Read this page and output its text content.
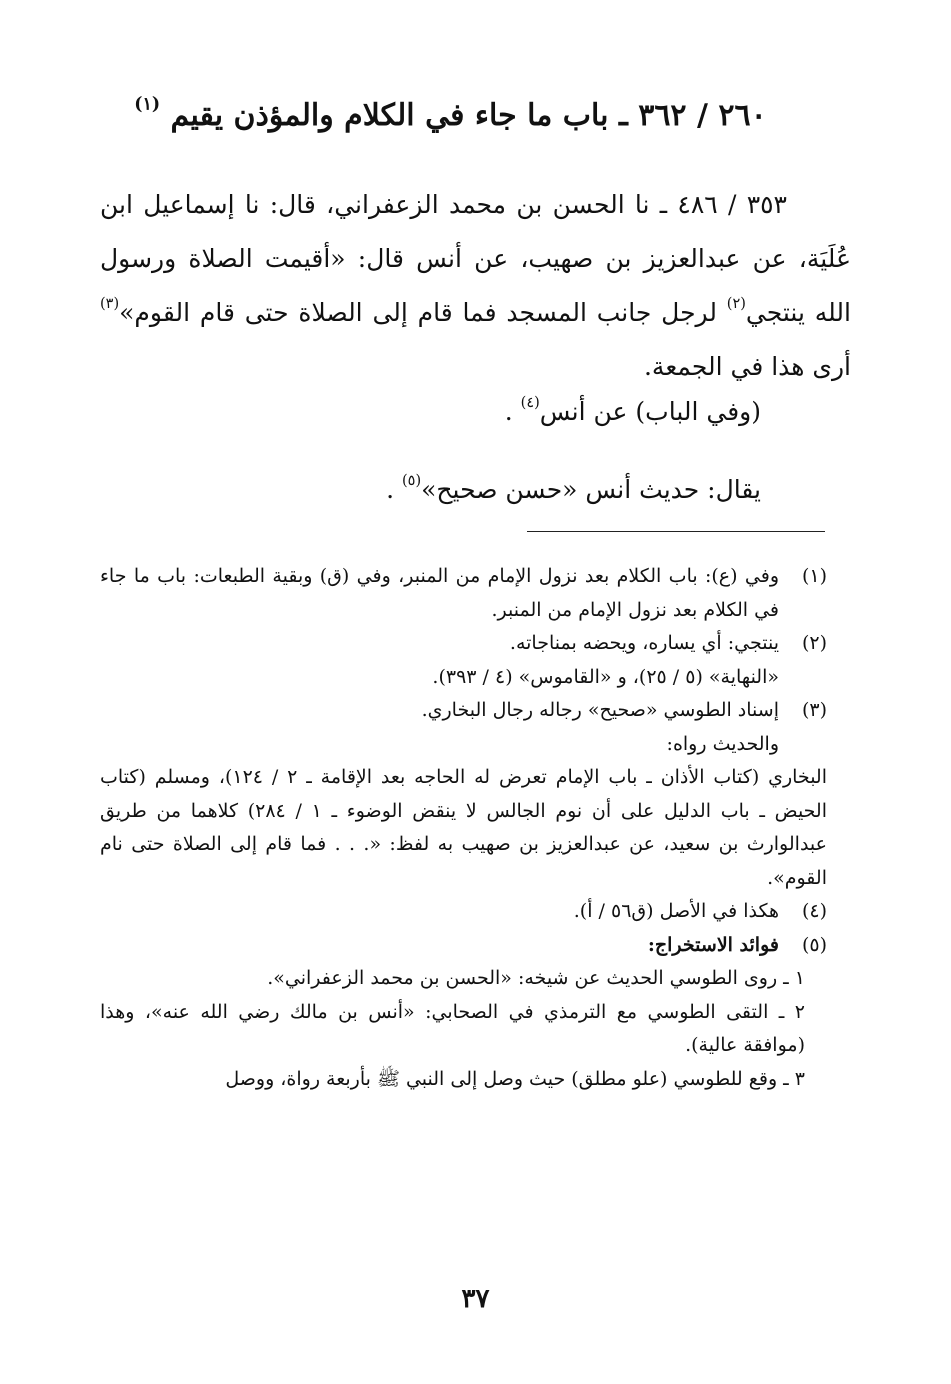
٢٦٠ / ٣٦٢ ـ باب ما جاء في الكلام والمؤذن يقيم $^{(١)}$

٣٥٣ / ٤٨٦ ـ نا الحسن بن محمد الزعفراني، قال: نا إسماعيل ابن عُلَيَة، عن عبدالعزيز بن صهيب، عن أنس قال: «أقيمت الصلاة ورسول الله ينتجي$^{(٢)}$ لرجل جانب المسجد فما قام إلى الصلاة حتى قام القوم»$^{(٣)}$ أرى هذا في الجمعة.

(وفي الباب) عن أنس$^{(٤)}$ .
يقال: حديث أنس «حسن صحيح»$^{(٥)}$ .
(١)
وفي (ع): باب الكلام بعد نزول الإمام من المنبر، وفي (ق) وبقية الطبعات: باب ما جاء في الكلام بعد نزول الإمام من المنبر.
(٢)
ينتجي: أي يساره، ويحضه بمناجاته.
«النهاية» (٥ / ٢٥)، و «القاموس» (٤ / ٣٩٣).
(٣)
إسناد الطوسي «صحيح» رجاله رجال البخاري.
والحديث رواه:
البخاري (كتاب الأذان ـ باب الإمام تعرض له الحاجه بعد الإقامة ـ ٢ / ١٢٤)، ومسلم (كتاب الحيض ـ باب الدليل على أن نوم الجالس لا ينقض الوضوء ـ ١ / ٢٨٤) كلاهما من طريق عبدالوارث بن سعيد، عن عبدالعزيز بن صهيب به لفظ: «. . . فما قام إلى الصلاة حتى نام القوم».
(٤)
هكذا في الأصل (ق٥٦ / أ).
(٥)
فوائد الاستخراج:
١ ـ روى الطوسي الحديث عن شيخه: «الحسن بن محمد الزعفراني».
٢ ـ التقى الطوسي مع الترمذي في الصحابي: «أنس بن مالك رضي الله عنه»، وهذا (موافقة عالية).
٣ ـ وقع للطوسي (علو مطلق) حيث وصل إلى النبي ﷺ بأربعة رواة، ووصل
٣٧
